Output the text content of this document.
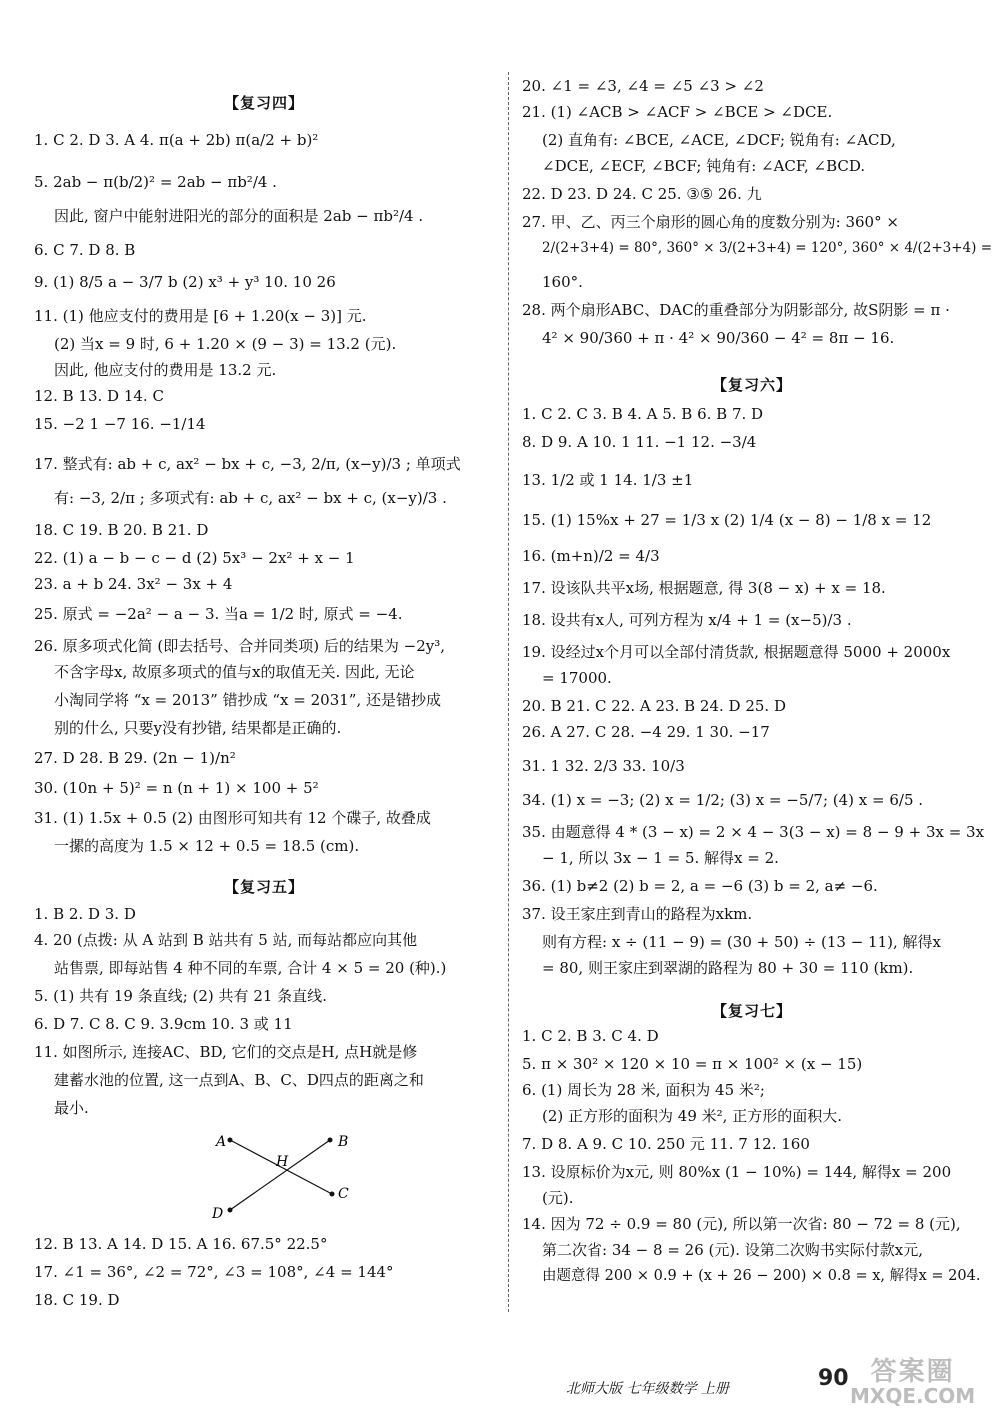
【复习四】
1. C 2. D 3. A 4. π(a + 2b) π(a/2 + b)²
5. 2ab − π(b/2)² = 2ab − πb²/4 .
因此, 窗户中能射进阳光的部分的面积是 2ab − πb²/4 .
6. C 7. D 8. B
9. (1) 8/5 a − 3/7 b (2) x³ + y³ 10. 10 26
11. (1) 他应支付的费用是 [6 + 1.20(x − 3)] 元.
(2) 当x = 9 时, 6 + 1.20 × (9 − 3) = 13.2 (元).
因此, 他应支付的费用是 13.2 元.
12. B 13. D 14. C
15. −2 1 −7 16. −1/14
17. 整式有: ab + c, ax² − bx + c, −3, 2/π, (x−y)/3 ; 单项式
有: −3, 2/π ; 多项式有: ab + c, ax² − bx + c, (x−y)/3 .
18. C 19. B 20. B 21. D
22. (1) a − b − c − d (2) 5x³ − 2x² + x − 1
23. a + b 24. 3x² − 3x + 4
25. 原式 = −2a² − a − 3. 当a = 1/2 时, 原式 = −4.
26. 原多项式化简 (即去括号、合并同类项) 后的结果为 −2y³,
不含字母x, 故原多项式的值与x的取值无关. 因此, 无论
小淘同学将 “x = 2013” 错抄成 “x = 2031”, 还是错抄成
别的什么, 只要y没有抄错, 结果都是正确的.
27. D 28. B 29. (2n − 1)/n²
30. (10n + 5)² = n (n + 1) × 100 + 5²
31. (1) 1.5x + 0.5 (2) 由图形可知共有 12 个碟子, 故叠成
一摞的高度为 1.5 × 12 + 0.5 = 18.5 (cm).
【复习五】
1. B 2. D 3. D
4. 20 (点拨: 从 A 站到 B 站共有 5 站, 而每站都应向其他
站售票, 即每站售 4 种不同的车票, 合计 4 × 5 = 20 (种).)
5. (1) 共有 19 条直线; (2) 共有 21 条直线.
6. D 7. C 8. C 9. 3.9cm 10. 3 或 11
11. 如图所示, 连接AC、BD, 它们的交点是H, 点H就是修
建蓄水池的位置, 这一点到A、B、C、D四点的距离之和
最小.
12. B 13. A 14. D 15. A 16. 67.5° 22.5°
17. ∠1 = 36°, ∠2 = 72°, ∠3 = 108°, ∠4 = 144°
18. C 19. D
20. ∠1 = ∠3, ∠4 = ∠5 ∠3 > ∠2
21. (1) ∠ACB > ∠ACF > ∠BCE > ∠DCE.
(2) 直角有: ∠BCE, ∠ACE, ∠DCF; 锐角有: ∠ACD,
∠DCE, ∠ECF, ∠BCF; 钝角有: ∠ACF, ∠BCD.
22. D 23. D 24. C 25. ③⑤ 26. 九
27. 甲、乙、丙三个扇形的圆心角的度数分别为: 360° ×
2/(2+3+4) = 80°, 360° × 3/(2+3+4) = 120°, 360° × 4/(2+3+4) =
160°.
28. 两个扇形ABC、DAC的重叠部分为阴影部分, 故S阴影 = π ·
4² × 90/360 + π · 4² × 90/360 − 4² = 8π − 16.
【复习六】
1. C 2. C 3. B 4. A 5. B 6. B 7. D
8. D 9. A 10. 1 11. −1 12. −3/4
13. 1/2 或 1 14. 1/3 ±1
15. (1) 15%x + 27 = 1/3 x (2) 1/4 (x − 8) − 1/8 x = 12
16. (m+n)/2 = 4/3
17. 设该队共平x场, 根据题意, 得 3(8 − x) + x = 18.
18. 设共有x人, 可列方程为 x/4 + 1 = (x−5)/3 .
19. 设经过x个月可以全部付清货款, 根据题意得 5000 + 2000x
= 17000.
20. B 21. C 22. A 23. B 24. D 25. D
26. A 27. C 28. −4 29. 1 30. −17
31. 1 32. 2/3 33. 10/3
34. (1) x = −3; (2) x = 1/2; (3) x = −5/7; (4) x = 6/5 .
35. 由题意得 4 * (3 − x) = 2 × 4 − 3(3 − x) = 8 − 9 + 3x = 3x
− 1, 所以 3x − 1 = 5. 解得x = 2.
36. (1) b≠2 (2) b = 2, a = −6 (3) b = 2, a≠ −6.
37. 设王家庄到青山的路程为xkm.
则有方程: x ÷ (11 − 9) = (30 + 50) ÷ (13 − 11), 解得x
= 80, 则王家庄到翠湖的路程为 80 + 30 = 110 (km).
【复习七】
1. C 2. B 3. C 4. D
5. π × 30² × 120 × 10 = π × 100² × (x − 15)
6. (1) 周长为 28 米, 面积为 45 米²;
(2) 正方形的面积为 49 米², 正方形的面积大.
7. D 8. A 9. C 10. 250 元 11. 7 12. 160
13. 设原标价为x元, 则 80%x (1 − 10%) = 144, 解得x = 200
(元).
14. 因为 72 ÷ 0.9 = 80 (元), 所以第一次省: 80 − 72 = 8 (元),
第二次省: 34 − 8 = 26 (元). 设第二次购书实际付款x元,
由题意得 200 × 0.9 + (x + 26 − 200) × 0.8 = x, 解得x = 204.
A	B
C
D
H
北师大版 七年级数学 上册	90 答案圈
MXQE.COM
